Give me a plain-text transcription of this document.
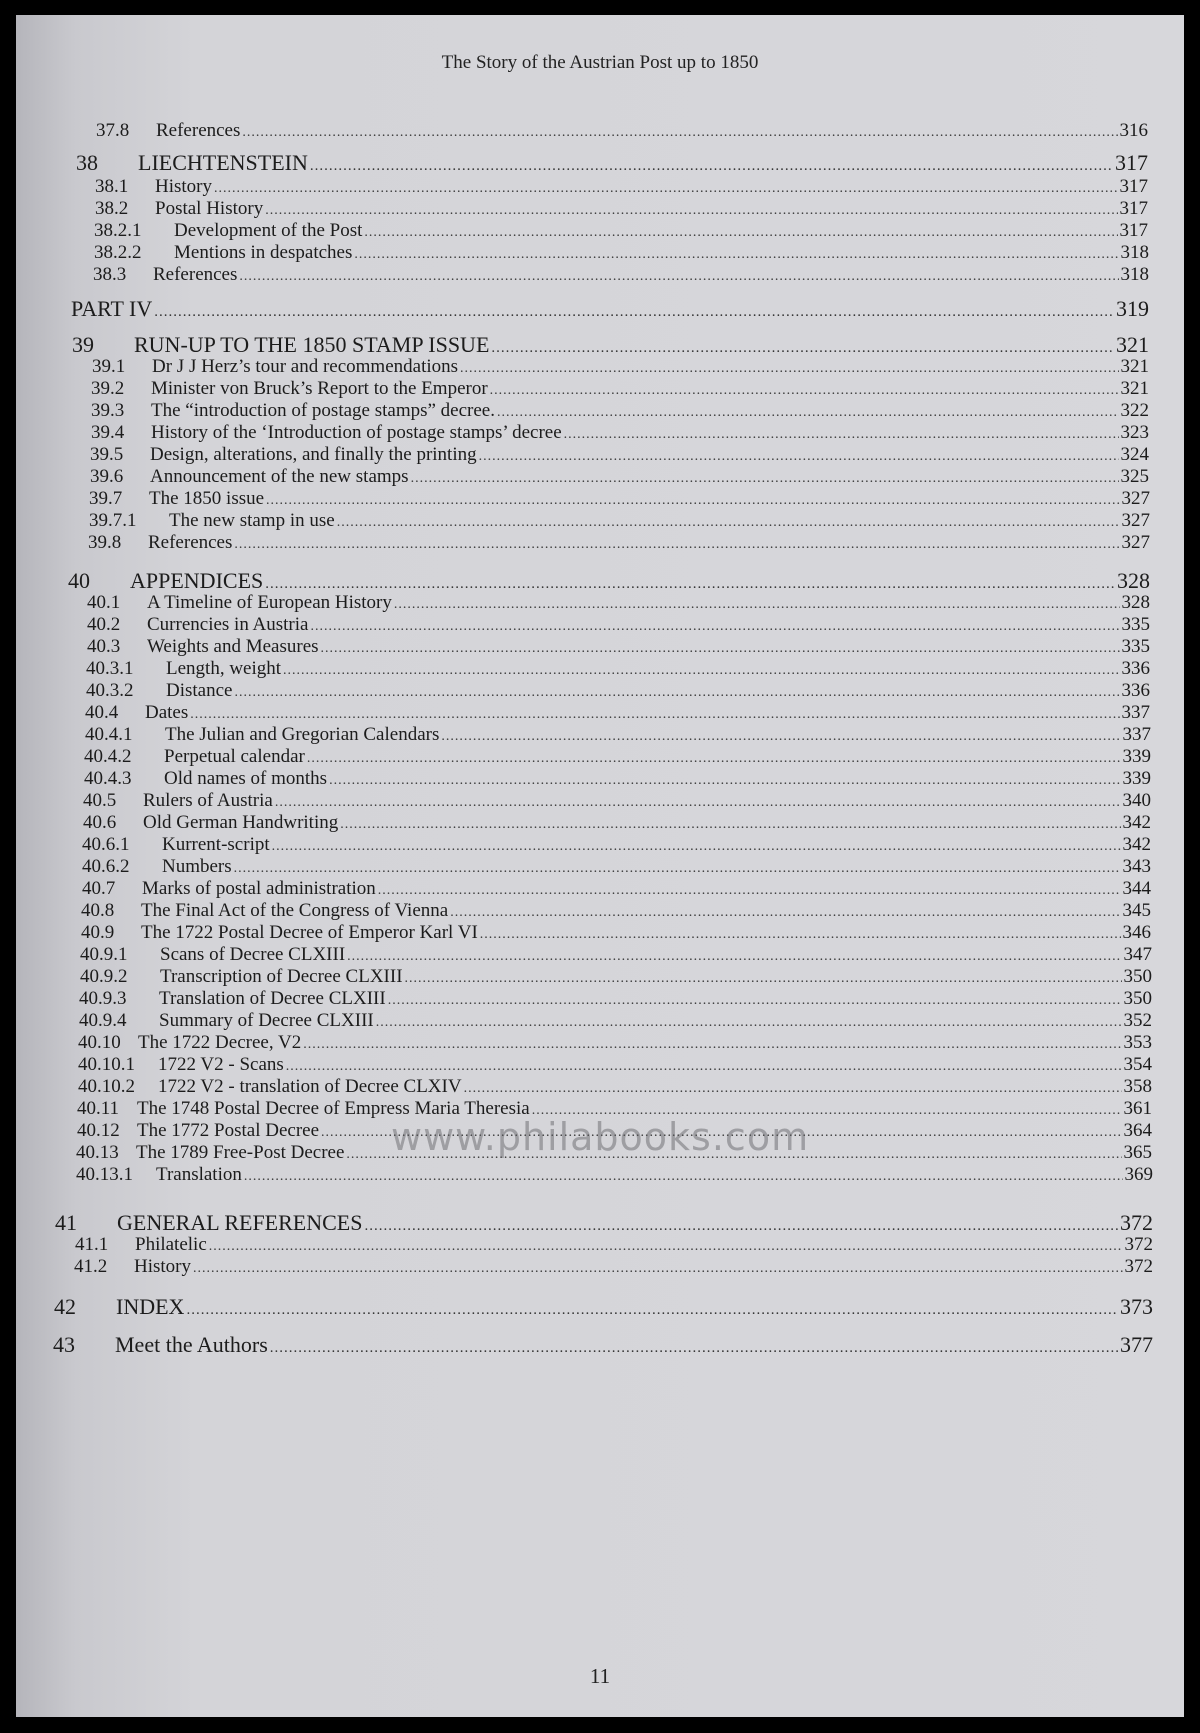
The Story of the Austrian Post up to 1850
37.8	References .....	316
38	LIECHTENSTEIN .....	317
38.1	History .....	317
38.2	Postal History .....	317
38.2.1	Development of the Post .....	317
38.2.2	Mentions in despatches .....	318
38.3	References .....	318
PART IV .....	319
39	RUN-UP TO THE 1850 STAMP ISSUE .....	321
39.1	Dr J J Herz’s tour and recommendations .....	321
39.2	Minister von Bruck’s Report to the Emperor .....	321
39.3	The “introduction of postage stamps” decree. .....	322
39.4	History of the ‘Introduction of postage stamps’ decree .....	323
39.5	Design, alterations, and finally the printing .....	324
39.6	Announcement of the new stamps .....	325
39.7	The 1850 issue .....	327
39.7.1	The new stamp in use .....	327
39.8	References .....	327
40	APPENDICES .....	328
40.1	A Timeline of European History .....	328
40.2	Currencies in Austria .....	335
40.3	Weights and Measures .....	335
40.3.1	Length, weight .....	336
40.3.2	Distance .....	336
40.4	Dates .....	337
40.4.1	The Julian and Gregorian Calendars .....	337
40.4.2	Perpetual calendar .....	339
40.4.3	Old names of months .....	339
40.5	Rulers of Austria .....	340
40.6	Old German Handwriting .....	342
40.6.1	Kurrent-script .....	342
40.6.2	Numbers .....	343
40.7	Marks of postal administration .....	344
40.8	The Final Act of the Congress of Vienna .....	345
40.9	The 1722 Postal Decree of Emperor Karl VI .....	346
40.9.1	Scans of Decree CLXIII .....	347
40.9.2	Transcription of Decree CLXIII .....	350
40.9.3	Translation of Decree CLXIII .....	350
40.9.4	Summary of Decree CLXIII .....	352
40.10 The 1722 Decree, V2 .....	353
40.10.1	1722 V2 - Scans .....	354
40.10.2	1722 V2 - translation of Decree CLXIV .....	358
40.11 The 1748 Postal Decree of Empress Maria Theresia .....	361
40.12 The 1772 Postal Decree .....	364
40.13 The 1789 Free-Post Decree .....	365
40.13.1	Translation .....	369
41	GENERAL REFERENCES .....	372
41.1	Philatelic .....	372
41.2	History .....	372
42	INDEX .....	373
43	Meet the Authors .....	377
www.philabooks.com
11
